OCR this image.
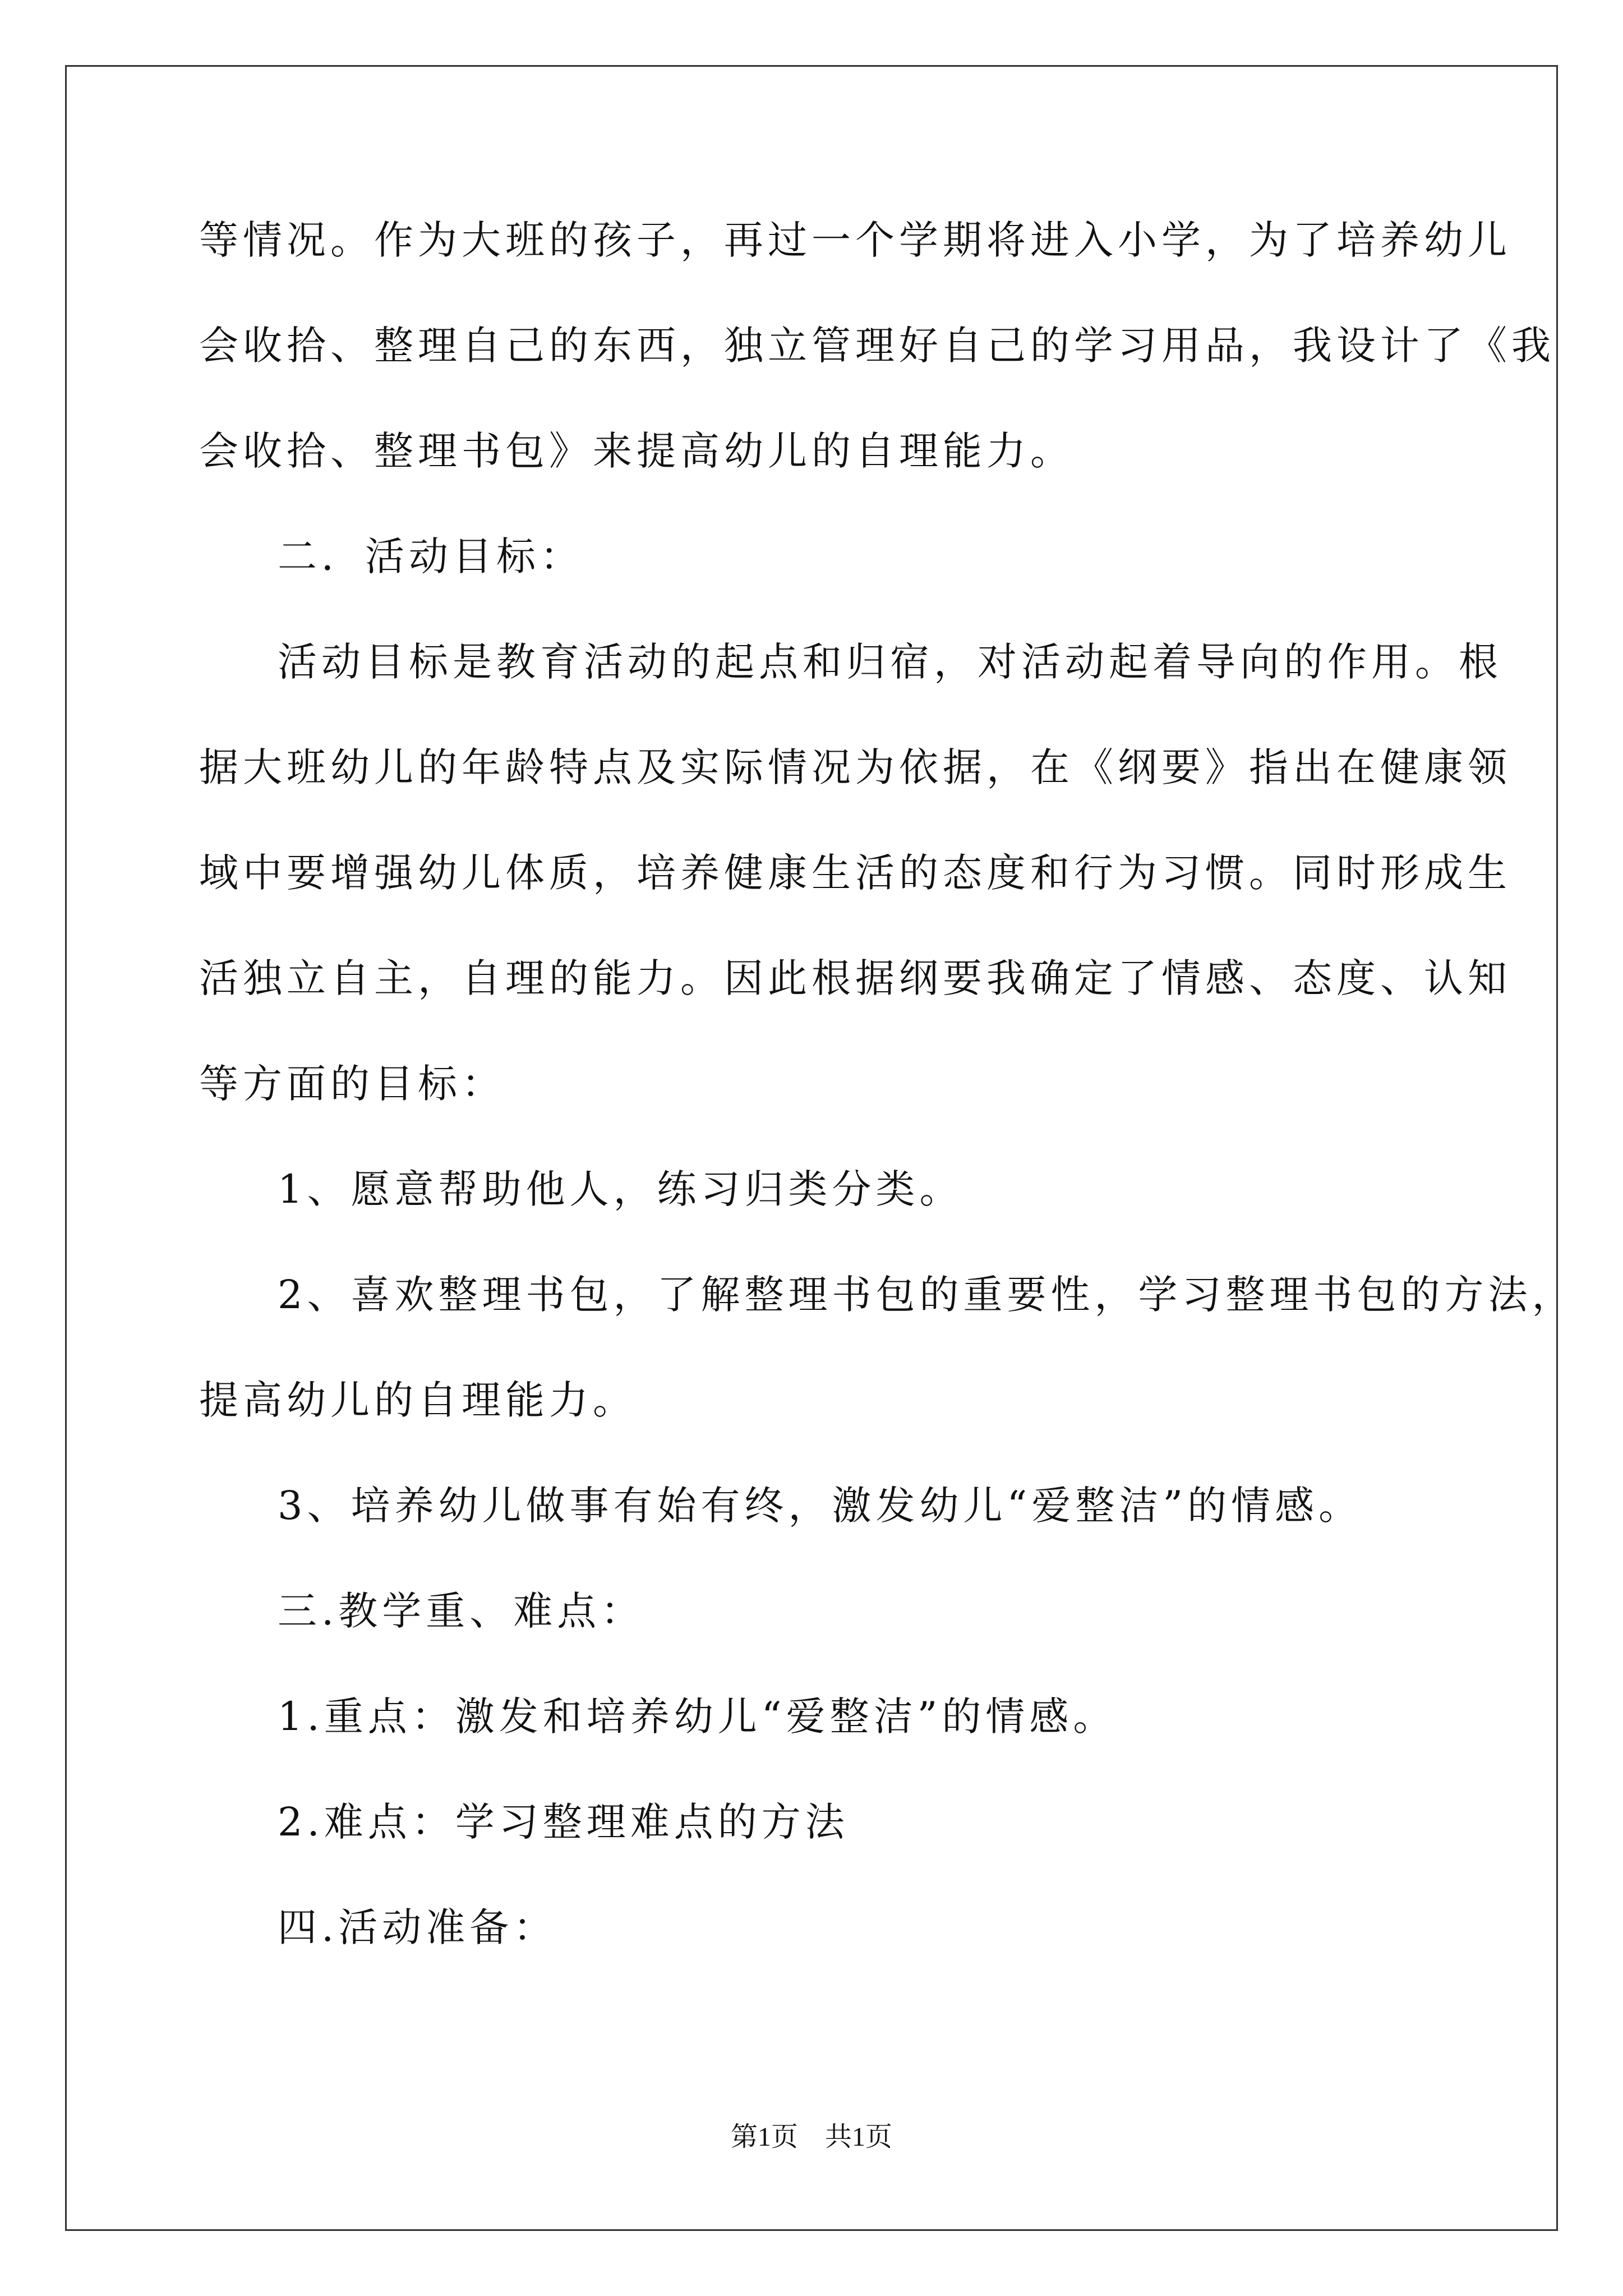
等情况。作为大班的孩子，再过一个学期将进入小学，为了培养幼儿
会收拾、整理自己的东西，独立管理好自己的学习用品，我设计了《我
会收拾、整理书包》来提高幼儿的自理能力。
二．活动目标：
活动目标是教育活动的起点和归宿，对活动起着导向的作用。根
据大班幼儿的年龄特点及实际情况为依据，在《纲要》指出在健康领
域中要增强幼儿体质，培养健康生活的态度和行为习惯。同时形成生
活独立自主，自理的能力。因此根据纲要我确定了情感、态度、认知
等方面的目标：
1、愿意帮助他人，练习归类分类。
2、喜欢整理书包，了解整理书包的重要性，学习整理书包的方法，
提高幼儿的自理能力。
3、培养幼儿做事有始有终，激发幼儿“爱整洁”的情感。
三.教学重、难点：
1.重点：激发和培养幼儿“爱整洁”的情感。
2.难点：学习整理难点的方法
四.活动准备：
第1页　共1页
